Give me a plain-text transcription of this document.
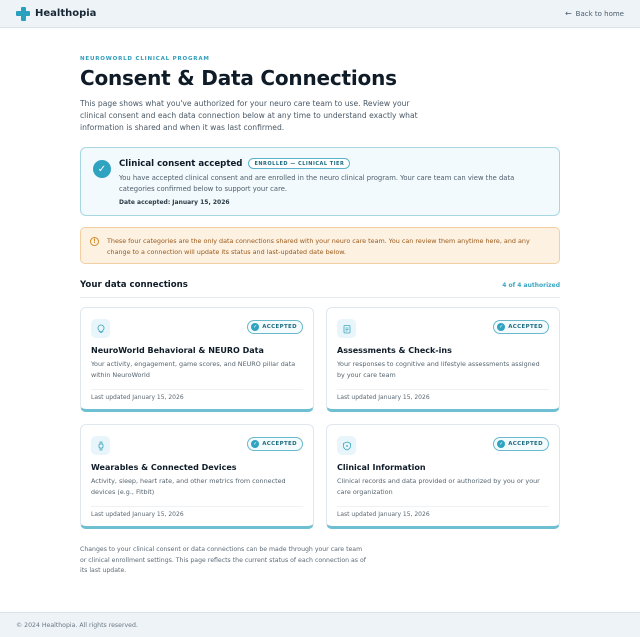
Healthopia	← Back to home
NEUROWORLD CLINICAL PROGRAM
Consent & Data Connections

This page shows what you've authorized for your neuro care team to use. Review your clinical consent and each data connection below at any time to understand exactly what information is shared and when it was last confirmed.

✓	Clinical consent accepted	ENROLLED — CLINICAL TIER

You have accepted clinical consent and are enrolled in the neuro clinical program. Your care team can view the data categories confirmed below to support your care.

Date accepted: January 15, 2026

!	These four categories are the only data connections shared with your neuro care team. You can review them anytime here, and any change to a connection will update its status and last-updated date below.

Your data connections	4 of 4 authorized
✓ ACCEPTED
NeuroWorld Behavioral & NEURO Data
Your activity, engagement, game scores, and NEURO pillar data within NeuroWorld
Last updated January 15, 2026
✓ ACCEPTED
Assessments & Check-ins
Your responses to cognitive and lifestyle assessments assigned by your care team
Last updated January 15, 2026
✓ ACCEPTED
Wearables & Connected Devices
Activity, sleep, heart rate, and other metrics from connected devices (e.g., Fitbit)
Last updated January 15, 2026
✓ ACCEPTED
Clinical Information
Clinical records and data provided or authorized by you or your care organization
Last updated January 15, 2026

Changes to your clinical consent or data connections can be made through your care team or clinical enrollment settings. This page reflects the current status of each connection as of its last update.

© 2024 Healthopia. All rights reserved.
